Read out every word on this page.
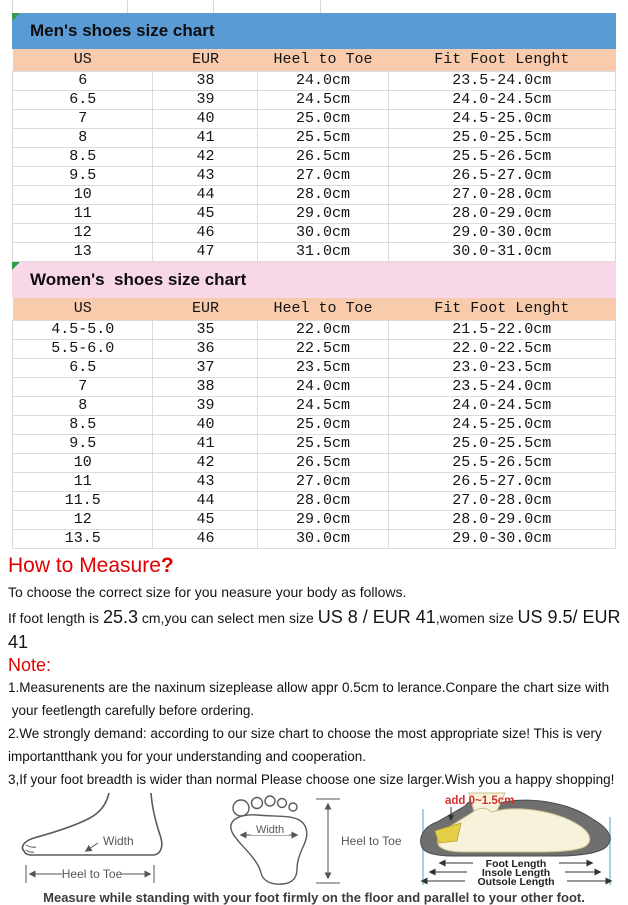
Men's shoes size chart
US	EUR	Heel to Toe	Fit Foot Lenght
6	38	24.0cm	23.5-24.0cm
6.5	39	24.5cm	24.0-24.5cm
7	40	25.0cm	24.5-25.0cm
8	41	25.5cm	25.0-25.5cm
8.5	42	26.5cm	25.5-26.5cm
9.5	43	27.0cm	26.5-27.0cm
10	44	28.0cm	27.0-28.0cm
11	45	29.0cm	28.0-29.0cm
12	46	30.0cm	29.0-30.0cm
13	47	31.0cm	30.0-31.0cm
Women's  shoes size chart
US	EUR	Heel to Toe	Fit Foot Lenght
4.5-5.0	35	22.0cm	21.5-22.0cm
5.5-6.0	36	22.5cm	22.0-22.5cm
6.5	37	23.5cm	23.0-23.5cm
7	38	24.0cm	23.5-24.0cm
8	39	24.5cm	24.0-24.5cm
8.5	40	25.0cm	24.5-25.0cm
9.5	41	25.5cm	25.0-25.5cm
10	42	26.5cm	25.5-26.5cm
11	43	27.0cm	26.5-27.0cm
11.5	44	28.0cm	27.0-28.0cm
12	45	29.0cm	28.0-29.0cm
13.5	46	30.0cm	29.0-30.0cm
How to Measure?

To choose the correct size for you neasure your body as follows.

If foot length is 25.3 cm,you can select men size US 8 / EUR 41,women size US 9.5/ EUR 41

Note:
1.Measurenents are the naxinum sizeplease allow appr 0.5cm to lerance.Conpare the chart size with
your feetlength carefully before ordering.
2.We strongly demand: according to our size chart to choose the most appropriate size! This is very
importantthank you for your understanding and cooperation.
3,If your foot breadth is wider than normal Please choose one size larger.Wish you a happy shopping!
Width
Heel to Toe
Width
Heel to Toe
add 0~1.5cm
Foot Length
Insole Length
Outsole Length
Measure while standing with your foot firmly on the floor and parallel to your other foot.
